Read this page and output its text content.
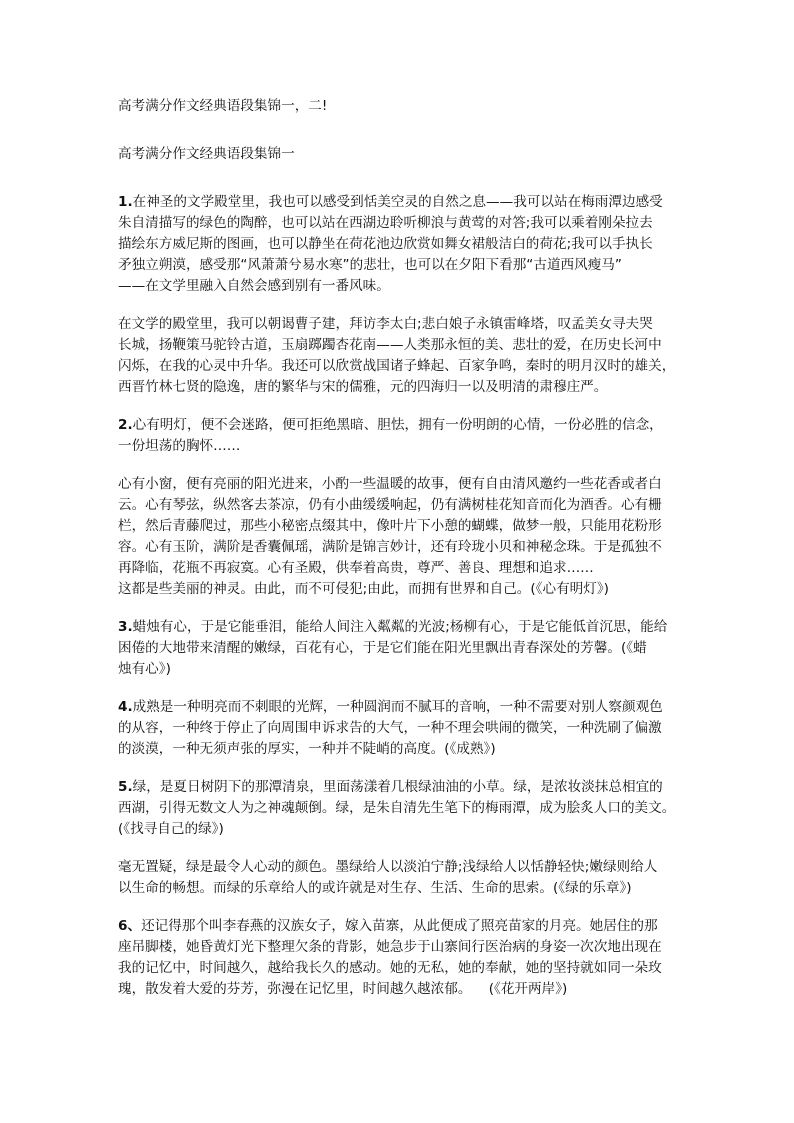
高考满分作文经典语段集锦一，二!
高考满分作文经典语段集锦一
1.在神圣的文学殿堂里，我也可以感受到恬美空灵的自然之息——我可以站在梅雨潭边感受
朱自清描写的绿色的陶醉，也可以站在西湖边聆听柳浪与黄莺的对答;我可以乘着刚朵拉去
描绘东方威尼斯的图画，也可以静坐在荷花池边欣赏如舞女裙般洁白的荷花;我可以手执长
矛独立朔漠，感受那“风萧萧兮易水寒”的悲壮，也可以在夕阳下看那“古道西风瘦马”
——在文学里融入自然会感到别有一番风味。
在文学的殿堂里，我可以朝谒曹子建，拜访李太白;悲白娘子永镇雷峰塔，叹孟美女寻夫哭
长城，扬鞭策马驼铃古道，玉扇踯躅杏花南——人类那永恒的美、悲壮的爱，在历史长河中
闪烁，在我的心灵中升华。我还可以欣赏战国诸子蜂起、百家争鸣，秦时的明月汉时的雄关，
西晋竹林七贤的隐逸，唐的繁华与宋的儒雅，元的四海归一以及明清的肃穆庄严。
2.心有明灯，便不会迷路，便可拒绝黑暗、胆怯，拥有一份明朗的心情，一份必胜的信念，
一份坦荡的胸怀……
心有小窗，便有亮丽的阳光进来，小酌一些温暖的故事，便有自由清风邀约一些花香或者白
云。心有琴弦，纵然客去茶凉，仍有小曲缓缓响起，仍有满树桂花知音而化为酒香。心有栅
栏，然后青藤爬过，那些小秘密点缀其中，像叶片下小憩的蝴蝶，做梦一般，只能用花粉形
容。心有玉阶，满阶是香囊佩瑶，满阶是锦言妙计，还有玲珑小贝和神秘念珠。于是孤独不
再降临，花瓶不再寂寞。心有圣殿，供奉着高贵，尊严、善良、理想和追求……
这都是些美丽的神灵。由此，而不可侵犯;由此，而拥有世界和自己。(《心有明灯》)
3.蜡烛有心，于是它能垂泪，能给人间注入粼粼的光波;杨柳有心，于是它能低首沉思，能给
困倦的大地带来清醒的嫩绿，百花有心，于是它们能在阳光里飘出青春深处的芳馨。(《蜡
烛有心》)
4.成熟是一种明亮而不刺眼的光辉，一种圆润而不腻耳的音响，一种不需要对别人察颜观色
的从容，一种终于停止了向周围申诉求告的大气，一种不理会哄闹的微笑，一种洗刷了偏激
的淡漠，一种无须声张的厚实，一种并不陡峭的高度。(《成熟》)
5.绿，是夏日树阴下的那潭清泉，里面荡漾着几根绿油油的小草。绿，是浓妆淡抹总相宜的
西湖，引得无数文人为之神魂颠倒。绿，是朱自清先生笔下的梅雨潭，成为脍炙人口的美文。
(《找寻自己的绿》)
毫无置疑，绿是最令人心动的颜色。墨绿给人以淡泊宁静;浅绿给人以恬静轻快;嫩绿则给人
以生命的畅想。而绿的乐章给人的或许就是对生存、生活、生命的思索。(《绿的乐章》)
6、还记得那个叫李春燕的汉族女子，嫁入苗寨，从此便成了照亮苗家的月亮。她居住的那
座吊脚楼，她昏黄灯光下整理欠条的背影，她急步于山寨间行医治病的身姿一次次地出现在
我的记忆中，时间越久，越给我长久的感动。她的无私，她的奉献，她的坚持就如同一朵玫
瑰，散发着大爱的芬芳，弥漫在记忆里，时间越久越浓郁。    (《花开两岸》)
